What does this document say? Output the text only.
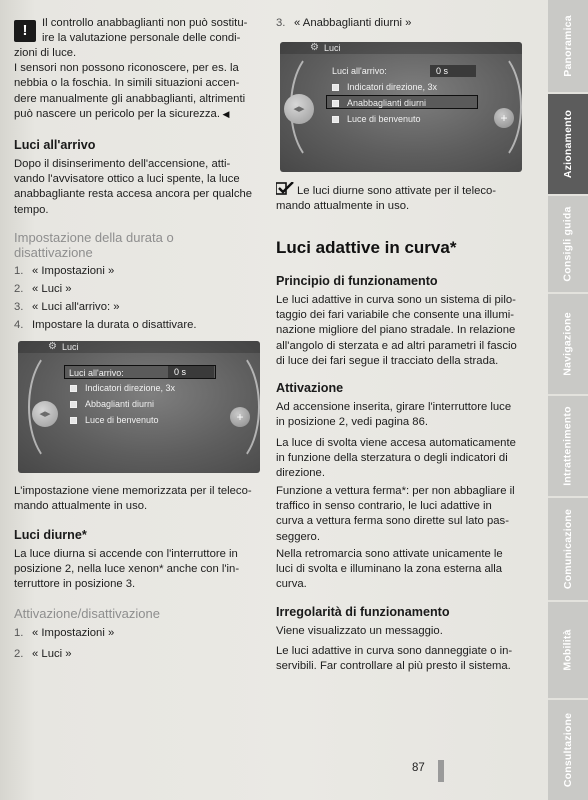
!
Il controllo anabbaglianti non può sostitu-
ire la valutazione personale delle condi-
zioni di luce.
I sensori non possono riconoscere, per es. la
nebbia o la foschia. In simili situazioni accen-
dere manualmente gli anabbaglianti, altrimenti
può nascere un pericolo per la sicurezza. ◀
Luci all'arrivo
Dopo il disinserimento dell'accensione, atti-
vando l'avvisatore ottico a luci spente, la luce
anabbagliante resta accesa ancora per qualche
tempo.
Impostazione della durata o
disattivazione
1. « Impostazioni »
2. « Luci »
3. « Luci all'arrivo: »
4. Impostare la durata o disattivare.
⚙ Luci
Luci all'arrivo:	0 s
Indicatori direzione, 3x
Abbaglianti diurni
Luce di benvenuto
◂▸	+
L'impostazione viene memorizzata per il teleco-
mando attualmente in uso.
Luci diurne*
La luce diurna si accende con l'interruttore in
posizione 2, nella luce xenon* anche con l'in-
terruttore in posizione 3.
Attivazione/disattivazione
1. « Impostazioni »
2. « Luci »
3. « Anabbaglianti diurni »
⚙ Luci
Luci all'arrivo:	0 s
Indicatori direzione, 3x
Anabbaglianti diurni
Luce di benvenuto
◂▸
+
Le luci diurne sono attivate per il teleco-
mando attualmente in uso.
Luci adattive in curva*
Principio di funzionamento
Le luci adattive in curva sono un sistema di pilo-
taggio dei fari variabile che consente una illumi-
nazione migliore del piano stradale. In relazione
all'angolo di sterzata e ad altri parametri il fascio
di luce dei fari segue il tracciato della strada.
Attivazione
Ad accensione inserita, girare l'interruttore luce
in posizione 2, vedi pagina 86.
La luce di svolta viene accesa automaticamente
in funzione della sterzatura o degli indicatori di
direzione.
Funzione a vettura ferma*: per non abbagliare il
traffico in senso contrario, le luci adattive in
curva a vettura ferma sono dirette sul lato pas-
seggero.
Nella retromarcia sono attivate unicamente le
luci di svolta e illuminano la zona esterna alla
curva.
Irregolarità di funzionamento
Viene visualizzato un messaggio.
Le luci adattive in curva sono danneggiate o in-
servibili. Far controllare al più presto il sistema.
87
Panoramica
Azionamento
Consigli guida
Navigazione
Intrattenimento
Comunicazione
Mobilità
Consultazione
